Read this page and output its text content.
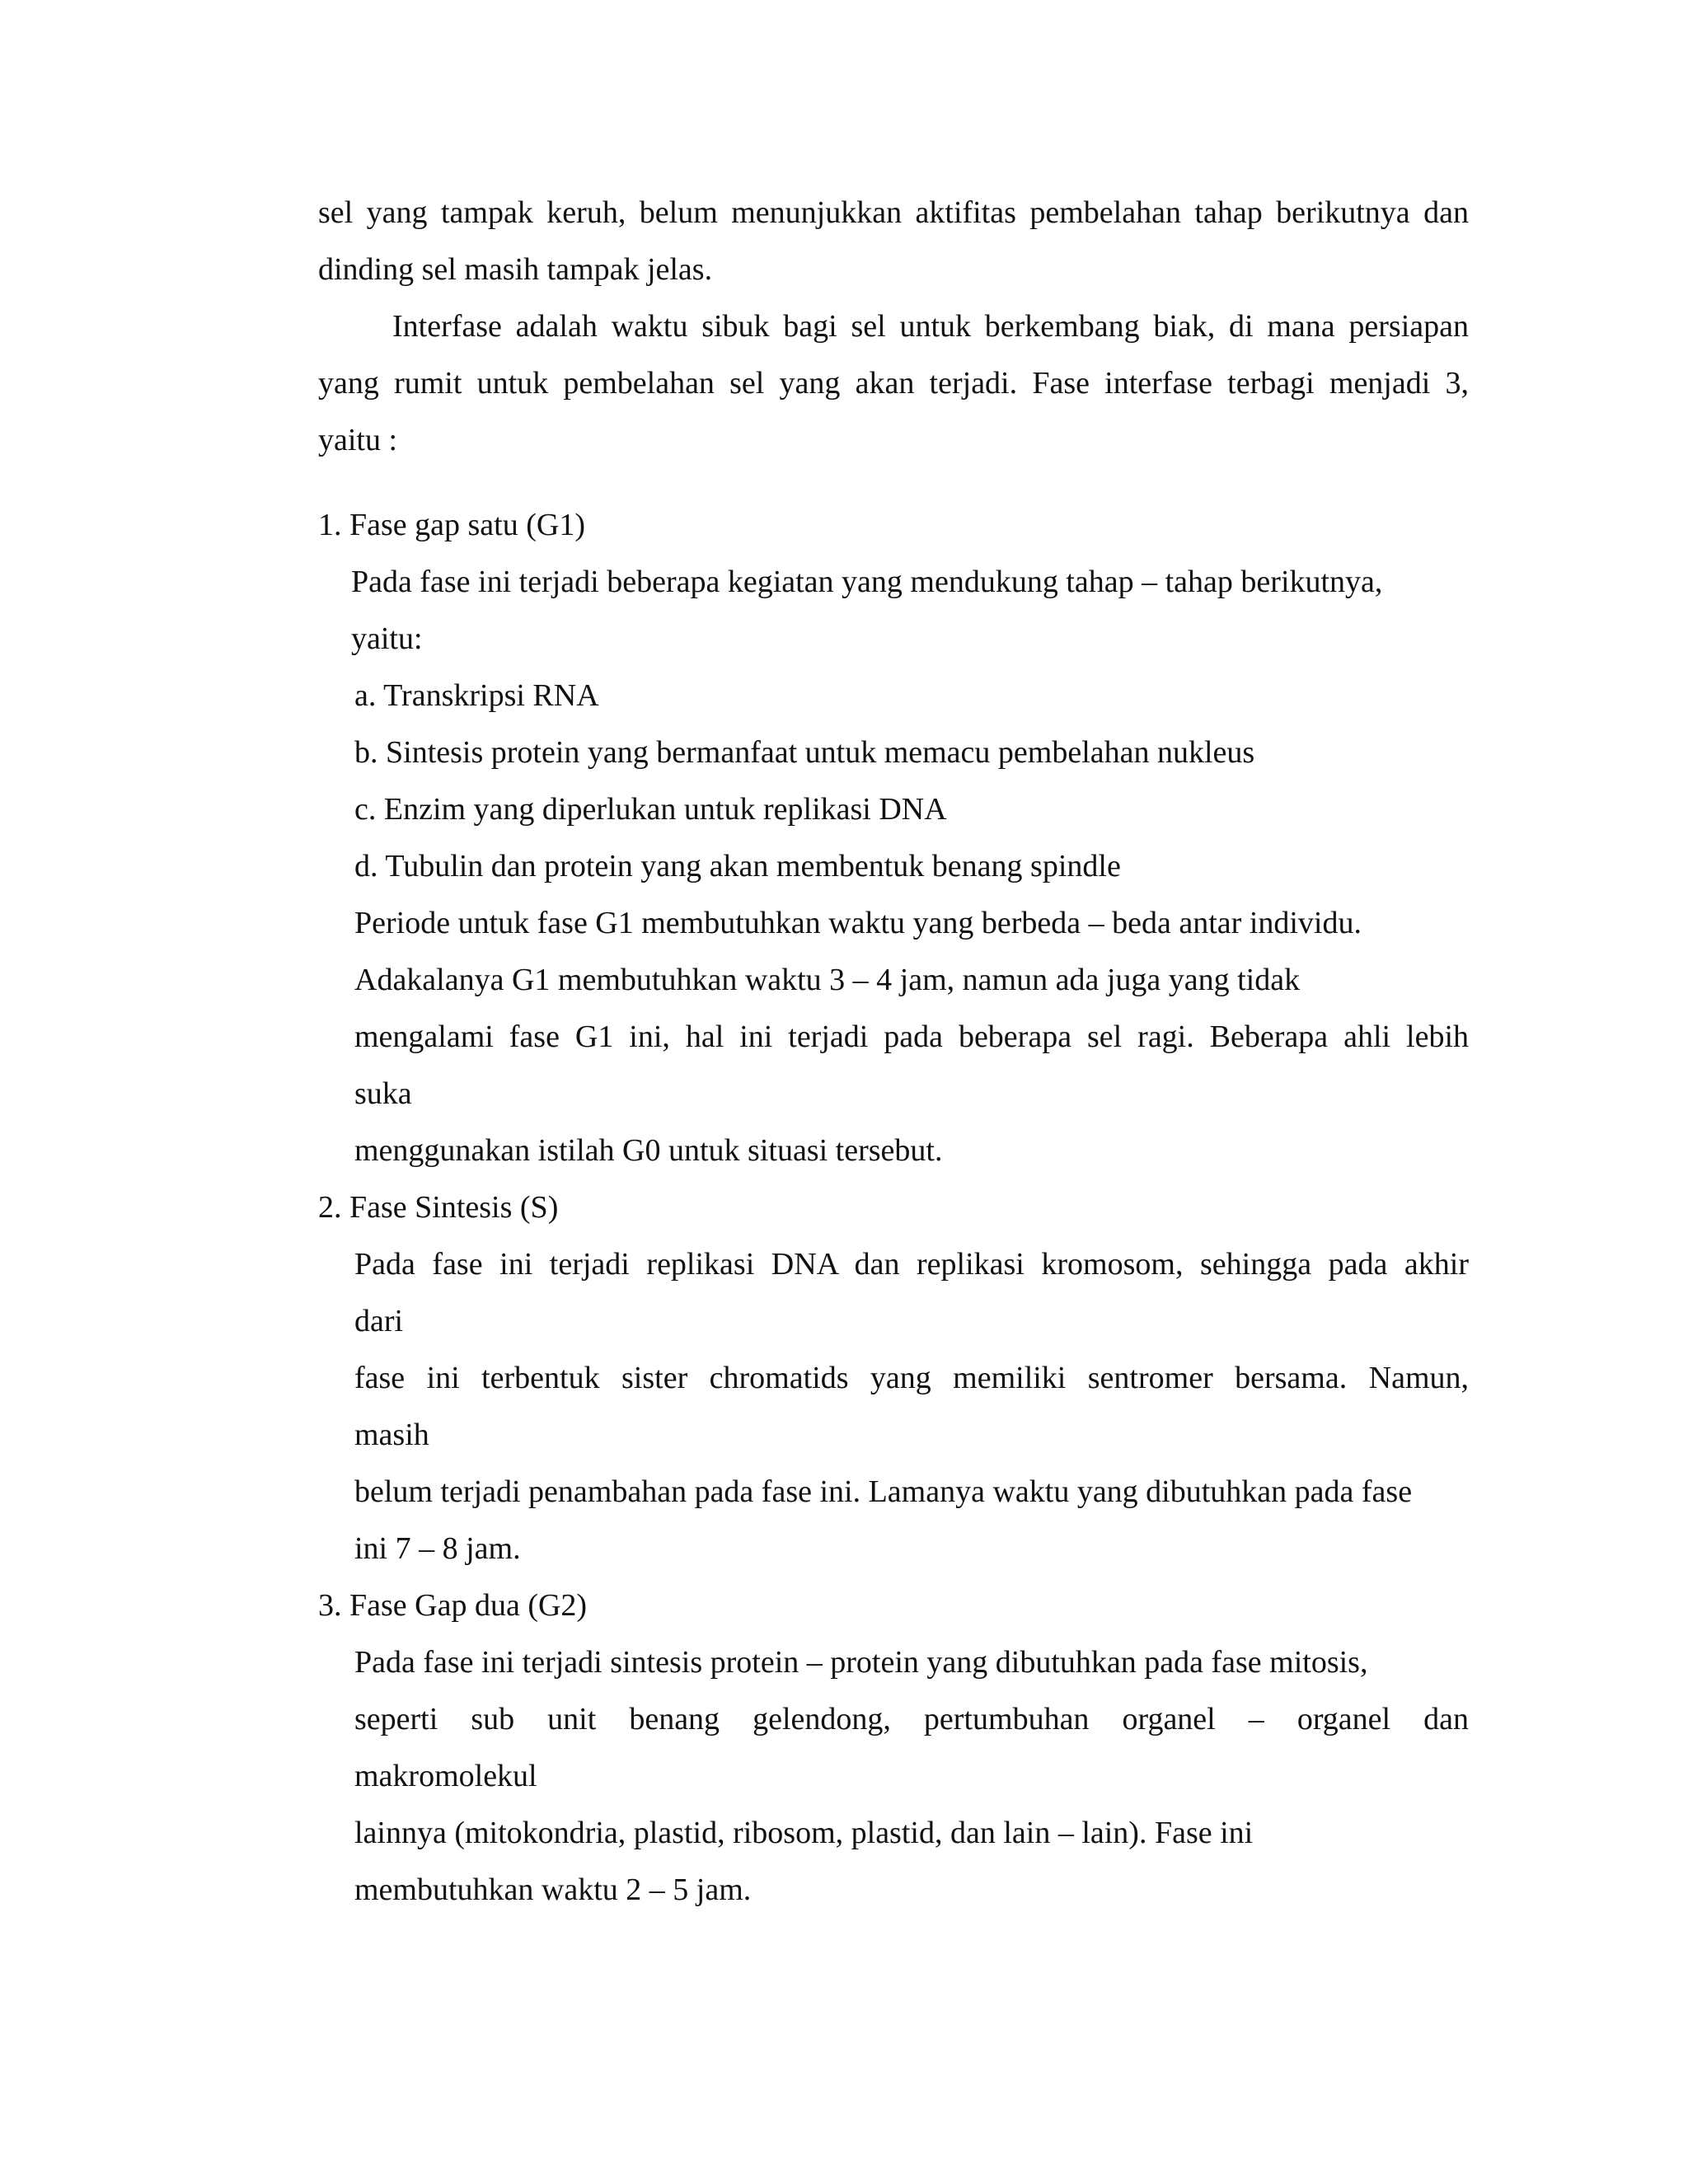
sel yang tampak keruh, belum menunjukkan aktifitas pembelahan tahap berikutnya dan

dinding sel masih tampak jelas.

Interfase adalah waktu sibuk bagi sel untuk berkembang biak, di mana persiapan

yang rumit untuk pembelahan sel yang akan terjadi. Fase interfase terbagi menjadi 3,

yaitu :

1. Fase gap satu (G1)

Pada fase ini terjadi beberapa kegiatan yang mendukung tahap – tahap berikutnya,

yaitu:

a. Transkripsi RNA

b. Sintesis protein yang bermanfaat untuk memacu pembelahan nukleus

c. Enzim yang diperlukan untuk replikasi DNA

d. Tubulin dan protein yang akan membentuk benang spindle

Periode untuk fase G1 membutuhkan waktu yang berbeda – beda antar individu.

Adakalanya G1 membutuhkan waktu 3 – 4 jam, namun ada juga yang tidak

mengalami fase G1 ini, hal ini terjadi pada beberapa sel ragi. Beberapa ahli lebih

suka

menggunakan istilah G0 untuk situasi tersebut.

2. Fase Sintesis (S)

Pada fase ini terjadi replikasi DNA dan replikasi kromosom, sehingga pada akhir

dari

fase ini terbentuk sister chromatids yang memiliki sentromer bersama. Namun,

masih

belum terjadi penambahan pada fase ini. Lamanya waktu yang dibutuhkan pada fase

ini 7 – 8 jam.

3. Fase Gap dua (G2)

Pada fase ini terjadi sintesis protein – protein yang dibutuhkan pada fase mitosis,

seperti sub unit benang gelendong, pertumbuhan organel – organel dan

makromolekul

lainnya (mitokondria, plastid, ribosom, plastid, dan lain – lain). Fase ini

membutuhkan waktu 2 – 5 jam.
